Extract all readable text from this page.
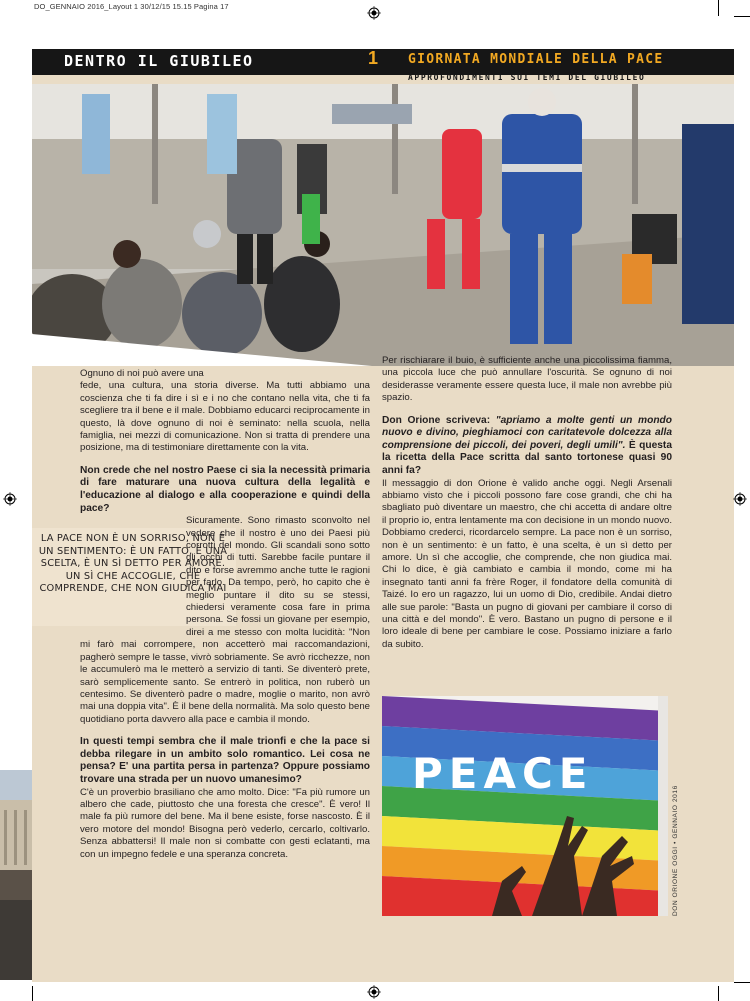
DO_GENNAIO 2016_Layout 1 30/12/15 15.15 Pagina 17
DENTRO IL GIUBILEO	1 GIORNATA MONDIALE DELLA PACE
APPROFONDIMENTI SUI TEMI DEL GIUBILEO
LA PACE NON È UN SORRISO, NON È UN SENTIMENTO: È UN FATTO, È UNA SCELTA, È UN SÌ DETTO PER AMORE. UN SÌ CHE ACCOGLIE, CHE COMPRENDE, CHE NON GIUDICA MAI

Ognuno di noi può avere una

fede, una cultura, una storia diverse. Ma tutti abbiamo una coscienza che ti fa dire i sì e i no che contano nella vita, che ti fa scegliere tra il bene e il male. Dobbiamo educarci reciprocamente in questo, là dove ognuno di noi è seminato: nella scuola, nella famiglia, nei mezzi di comunicazione. Non si tratta di prendere una posizione, ma di testimoniare direttamente con la vita.

Non crede che nel nostro Paese ci sia la necessità primaria di fare maturare una nuova cultura della legalità e l'educazione al dialogo e alla cooperazione e quindi della pace?

Sicuramente. Sono rimasto sconvolto nel vedere che il nostro è uno dei Paesi più corrotti del mondo. Gli scandali sono sotto gli occhi di tutti. Sarebbe facile puntare il dito e forse avremmo anche tutte le ragioni per farlo. Da tempo, però, ho capito che è meglio puntare il dito su se stessi, chiedersi veramente cosa fare in prima persona. Se fossi un giovane per esempio, direi a me stesso con molta lucidità: "Non mi farò mai corrompere, non accetterò mai raccomandazioni, pagherò sempre le tasse, vivrò sobriamente. Se avrò ricchezze, non le accumulerò ma le metterò a servizio di tanti. Se diventerò prete, sarò semplicemente santo. Se entrerò in politica, non ruberò un centesimo. Se diventerò padre o madre, moglie o marito, non avrò mai una doppia vita". È il bene della normalità. Ma solo questo bene quotidiano porta davvero alla pace e cambia il mondo.

In questi tempi sembra che il male trionfi e che la pace si debba rilegare in un ambito solo romantico. Lei cosa ne pensa? E' una partita persa in partenza? Oppure possiamo trovare una strada per un nuovo umanesimo?

C'è un proverbio brasiliano che amo molto. Dice: "Fa più rumore un albero che cade, piuttosto che una foresta che cresce". È vero! Il male fa più rumore del bene. Ma il bene esiste, forse nascosto. È il vero motore del mondo! Bisogna però vederlo, cercarlo, coltivarlo. Senza abbattersi! Il male non si combatte con gesti eclatanti, ma con un impegno fedele e una speranza concreta.

Per rischiarare il buio, è sufficiente anche una piccolissima fiamma, una piccola luce che può annullare l'oscurità. Se ognuno di noi desiderasse veramente essere questa luce, il male non avrebbe più spazio.

Don Orione scriveva: "apriamo a molte genti un mondo nuovo e divino, pieghiamoci con caritatevole dolcezza alla comprensione dei piccoli, dei poveri, degli umili". È questa la ricetta della Pace scritta dal santo tortonese quasi 90 anni fa?

Il messaggio di don Orione è valido anche oggi. Negli Arsenali abbiamo visto che i piccoli possono fare cose grandi, che chi ha sbagliato può diventare un maestro, che chi accetta di andare oltre il proprio io, entra lentamente ma con decisione in un mondo nuovo. Dobbiamo crederci, ricordarcelo sempre. La pace non è un sorriso, non è un sentimento: è un fatto, è una scelta, è un sì detto per amore. Un sì che accoglie, che comprende, che non giudica mai. Chi lo dice, è già cambiato e cambia il mondo, come mi ha insegnato tanti anni fa frère Roger, il fondatore della comunità di Taizé. Io ero un ragazzo, lui un uomo di Dio, credibile. Andai dietro alle sue parole: "Basta un pugno di giovani per cambiare il corso di una città e del mondo". È vero. Bastano un pugno di persone e il loro ideale di bene per cambiare le cose. Possiamo iniziare a farlo da subito.

PEACE
DON ORIONE OGGI • GENNAIO 2016
